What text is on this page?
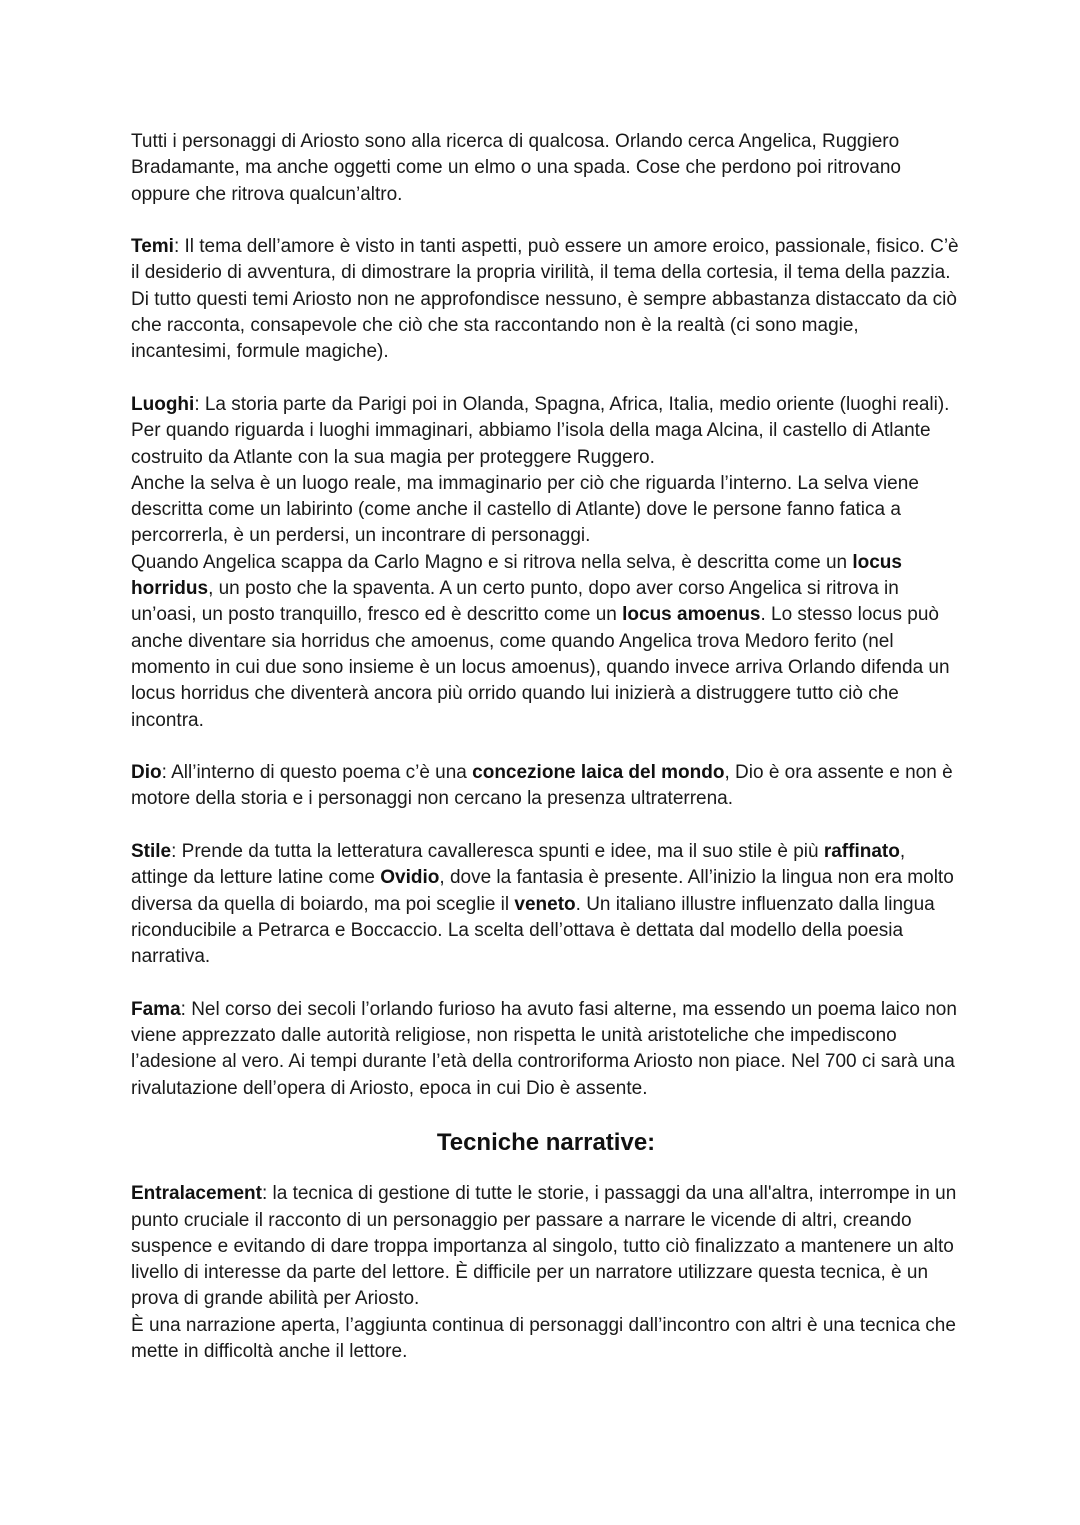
Tutti i personaggi di Ariosto sono alla ricerca di qualcosa. Orlando cerca Angelica, Ruggiero Bradamante, ma anche oggetti come un elmo o una spada. Cose che perdono poi ritrovano oppure che ritrova qualcun’altro.

Temi: Il tema dell’amore è visto in tanti aspetti, può essere un amore eroico, passionale, fisico. C’è il desiderio di avventura, di dimostrare la propria virilità, il tema della cortesia, il tema della pazzia. Di tutto questi temi Ariosto non ne approfondisce nessuno, è sempre abbastanza distaccato da ciò che racconta, consapevole che ciò che sta raccontando non è la realtà (ci sono magie, incantesimi, formule magiche).

Luoghi: La storia parte da Parigi poi in Olanda, Spagna, Africa, Italia, medio oriente (luoghi reali). Per quando riguarda i luoghi immaginari, abbiamo l’isola della maga Alcina, il castello di Atlante costruito da Atlante con la sua magia per proteggere Ruggero.

Anche la selva è un luogo reale, ma immaginario per ciò che riguarda l’interno. La selva viene descritta come un labirinto (come anche il castello di Atlante) dove le persone fanno fatica a percorrerla, è un perdersi, un incontrare di personaggi.

Quando Angelica scappa da Carlo Magno e si ritrova nella selva, è descritta come un locus horridus, un posto che la spaventa. A un certo punto, dopo aver corso Angelica si ritrova in un’oasi, un posto tranquillo, fresco ed è descritto come un locus amoenus. Lo stesso locus può anche diventare sia horridus che amoenus, come quando Angelica trova Medoro ferito (nel momento in cui due sono insieme è un locus amoenus), quando invece arriva Orlando difenda un locus horridus che diventerà ancora più orrido quando lui inizierà a distruggere tutto ciò che incontra.

Dio: All’interno di questo poema c’è una concezione laica del mondo, Dio è ora assente e non è motore della storia e i personaggi non cercano la presenza ultraterrena.

Stile: Prende da tutta la letteratura cavalleresca spunti e idee, ma il suo stile è più raffinato, attinge da letture latine come Ovidio, dove la fantasia è presente. All’inizio la lingua non era molto diversa da quella di boiardo, ma poi sceglie il veneto. Un italiano illustre influenzato dalla lingua riconducibile a Petrarca e Boccaccio. La scelta dell’ottava è dettata dal modello della poesia narrativa.

Fama: Nel corso dei secoli l’orlando furioso ha avuto fasi alterne, ma essendo un poema laico non viene apprezzato dalle autorità religiose, non rispetta le unità aristoteliche che impediscono l’adesione al vero. Ai tempi durante l’età della controriforma Ariosto non piace. Nel 700 ci sarà una rivalutazione dell’opera di Ariosto, epoca in cui Dio è assente.

Tecniche narrative:

Entralacement: la tecnica di gestione di tutte le storie, i passaggi da una all'altra, interrompe in un punto cruciale il racconto di un personaggio per passare a narrare le vicende di altri, creando suspence e evitando di dare troppa importanza al singolo, tutto ciò finalizzato a mantenere un alto livello di interesse da parte del lettore. È difficile per un narratore utilizzare questa tecnica, è un prova di grande abilità per Ariosto.

È una narrazione aperta, l’aggiunta continua di personaggi dall’incontro con altri è una tecnica che mette in difficoltà anche il lettore.
